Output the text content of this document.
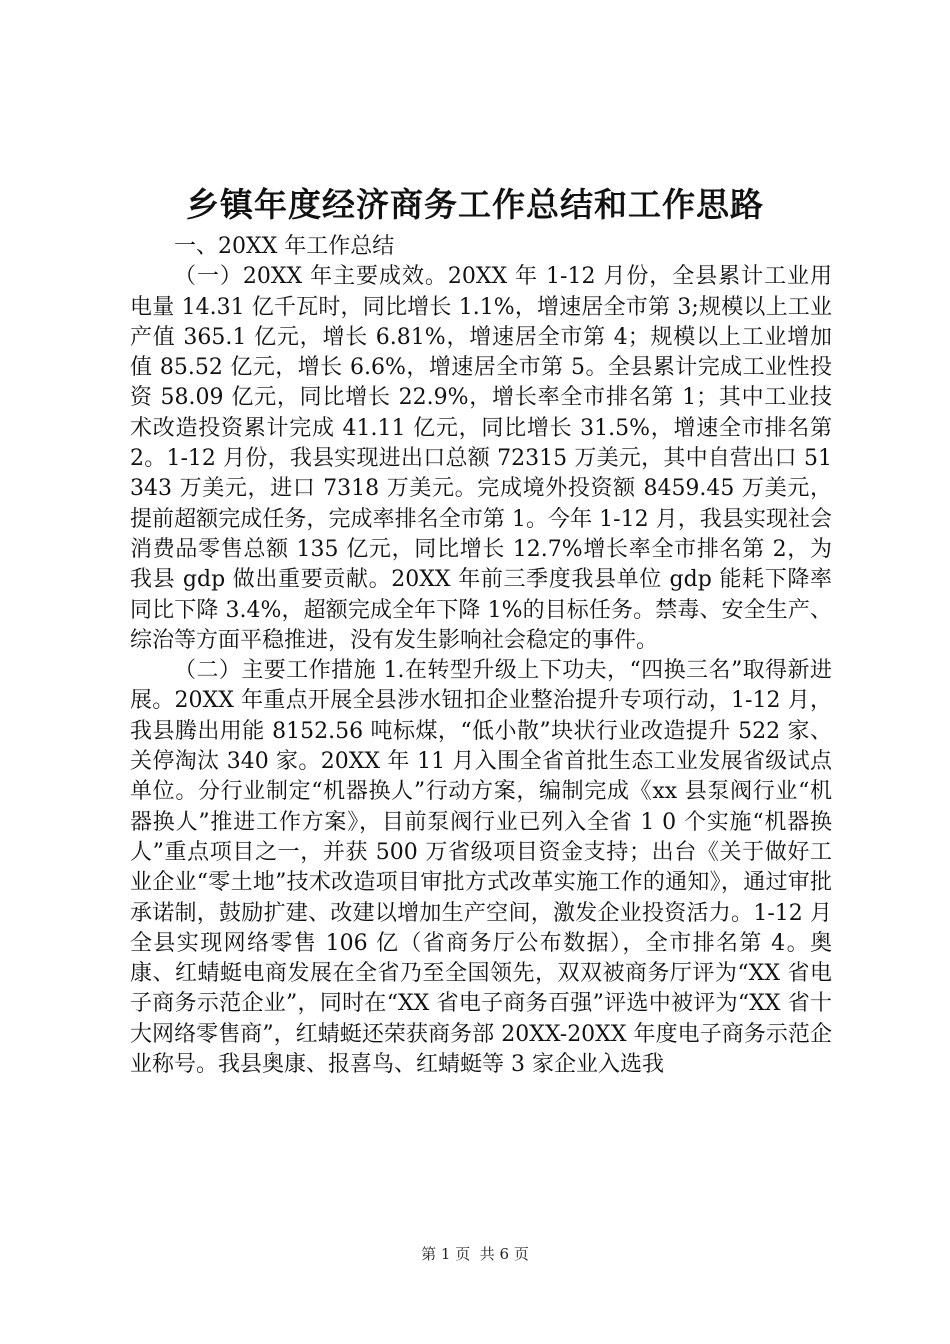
乡镇年度经济商务工作总结和工作思路

一、20XX 年工作总结

（一）20XX 年主要成效。20XX 年 1-12 月份，全县累计工业用电量 14.31 亿千瓦时，同比增长 1.1%，增速居全市第 3;规模以上工业产值 365.1 亿元，增长 6.81%，增速居全市第 4；规模以上工业增加值 85.52 亿元，增长 6.6%，增速居全市第 5。全县累计完成工业性投资 58.09 亿元，同比增长 22.9%，增长率全市排名第 1；其中工业技术改造投资累计完成 41.11 亿元，同比增长 31.5%，增速全市排名第 2。1-12 月份，我县实现进出口总额 72315 万美元，其中自营出口 51343 万美元，进口 7318 万美元。完成境外投资额 8459.45 万美元，提前超额完成任务，完成率排名全市第 1。今年 1-12 月，我县实现社会消费品零售总额 135 亿元，同比增长 12.7%增长率全市排名第 2，为我县 gdp 做出重要贡献。20XX 年前三季度我县单位 gdp 能耗下降率同比下降 3.4%，超额完成全年下降 1%的目标任务。禁毒、安全生产、综治等方面平稳推进，没有发生影响社会稳定的事件。

（二）主要工作措施 1.在转型升级上下功夫，“四换三名”取得新进展。20XX 年重点开展全县涉水钮扣企业整治提升专项行动，1-12 月，我县腾出用能 8152.56 吨标煤，“低小散”块状行业改造提升 522 家、关停淘汰 340 家。20XX 年 11 月入围全省首批生态工业发展省级试点单位。分行业制定“机器换人”行动方案，编制完成《xx 县泵阀行业“机器换人”推进工作方案》，目前泵阀行业已列入全省 1 0 个实施“机器换人”重点项目之一，并获 500 万省级项目资金支持；出台《关于做好工业企业“零土地”技术改造项目审批方式改革实施工作的通知》，通过审批承诺制，鼓励扩建、改建以增加生产空间，激发企业投资活力。1-12 月全县实现网络零售 106 亿（省商务厅公布数据），全市排名第 4。奥康、红蜻蜓电商发展在全省乃至全国领先，双双被商务厅评为“XX 省电子商务示范企业”，同时在“XX 省电子商务百强”评选中被评为“XX 省十大网络零售商”，红蜻蜓还荣获商务部 20XX-20XX 年度电子商务示范企业称号。我县奥康、报喜鸟、红蜻蜓等 3 家企业入选我

第 1 页  共 6 页
